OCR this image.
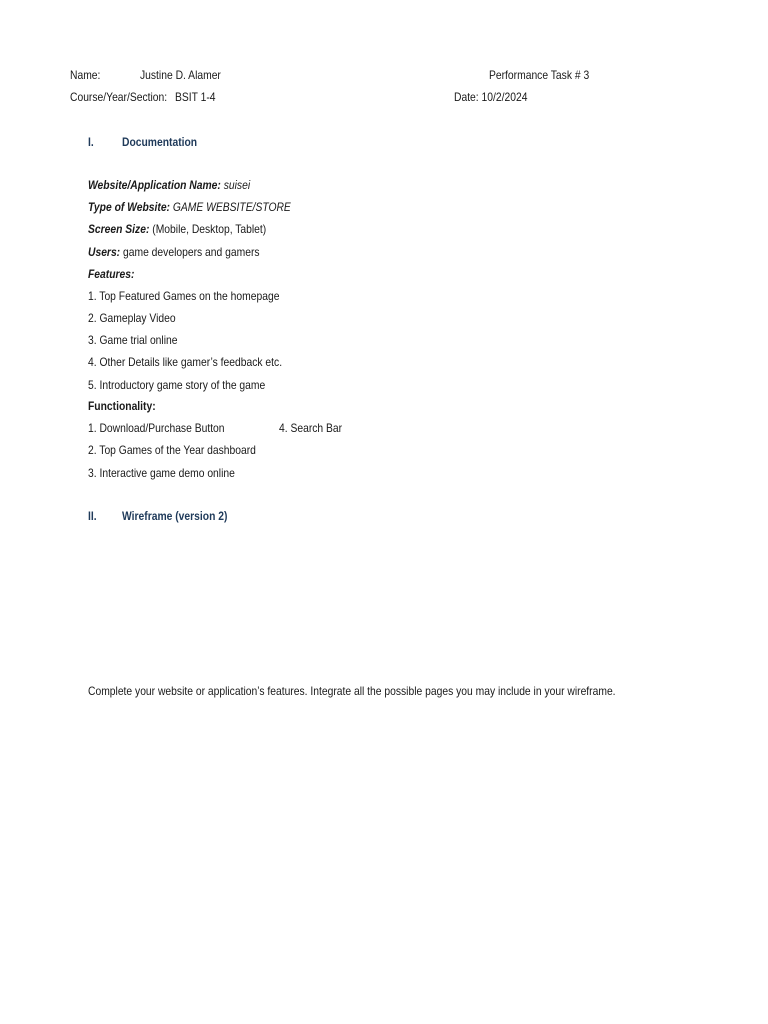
Name:	Justine D. Alamer	Performance Task # 3
Course/Year/Section: BSIT 1-4	Date: 10/2/2024
I. Documentation
Website/Application Name: suisei
Type of Website: GAME WEBSITE/STORE
Screen Size: (Mobile, Desktop, Tablet)
Users: game developers and gamers
Features:
1. Top Featured Games on the homepage
2. Gameplay Video
3. Game trial online
4. Other Details like gamer’s feedback etc.
5. Introductory game story of the game
Functionality:
1. Download/Purchase Button	4. Search Bar
2. Top Games of the Year dashboard
3. Interactive game demo online
II. Wireframe (version 2)
Complete your website or application’s features. Integrate all the possible pages you may include in your wireframe.
